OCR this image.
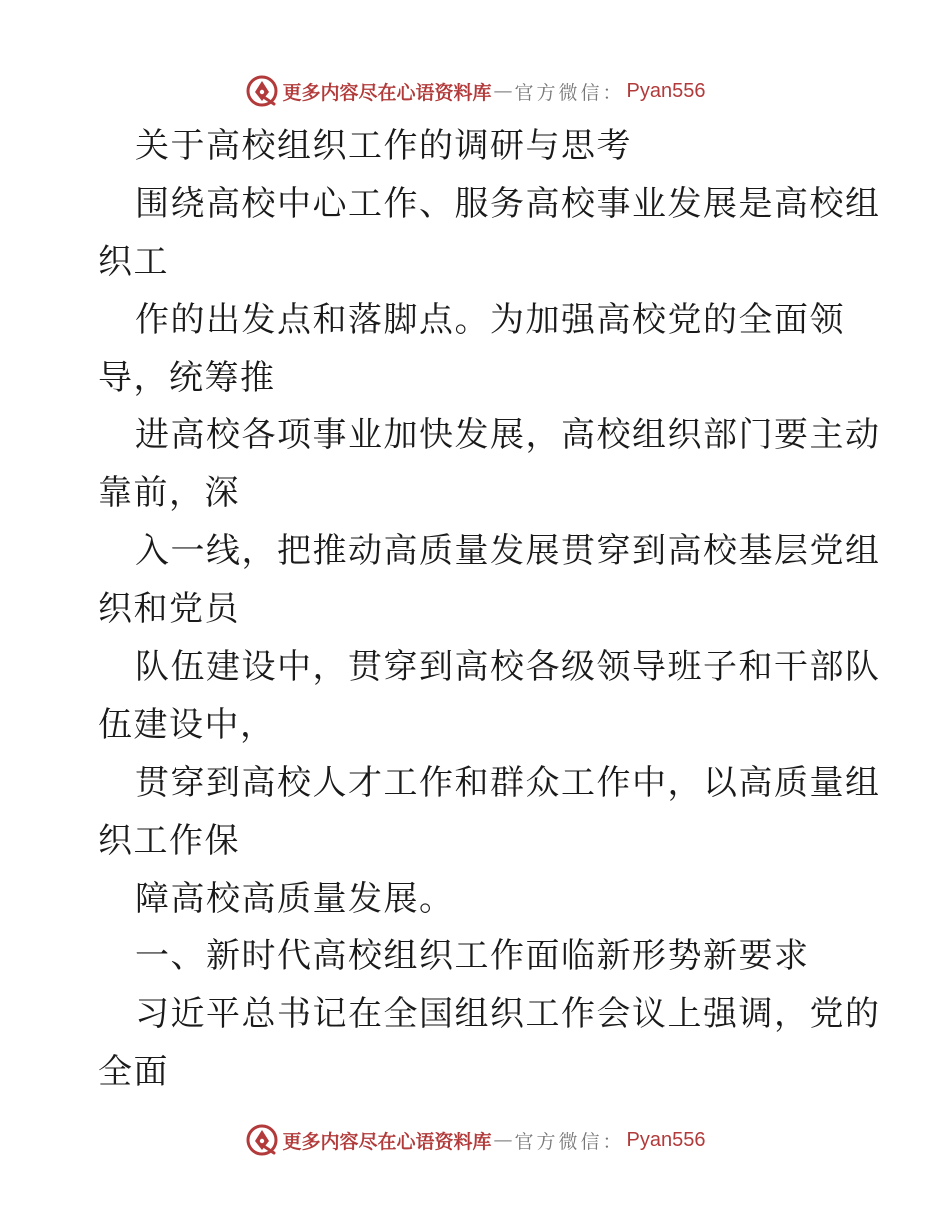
更多内容尽在心语资料库 — 官方微信： Pyan556
关于高校组织工作的调研与思考
围绕高校中心工作、服务高校事业发展是高校组
织工
作的出发点和落脚点。为加强高校党的全面领
导，统筹推
进高校各项事业加快发展，高校组织部门要主动
靠前，深
入一线，把推动高质量发展贯穿到高校基层党组
织和党员
队伍建设中，贯穿到高校各级领导班子和干部队
伍建设中，
贯穿到高校人才工作和群众工作中，以高质量组
织工作保
障高校高质量发展。
一、新时代高校组织工作面临新形势新要求
习近平总书记在全国组织工作会议上强调，党的
全面
更多内容尽在心语资料库 — 官方微信： Pyan556
